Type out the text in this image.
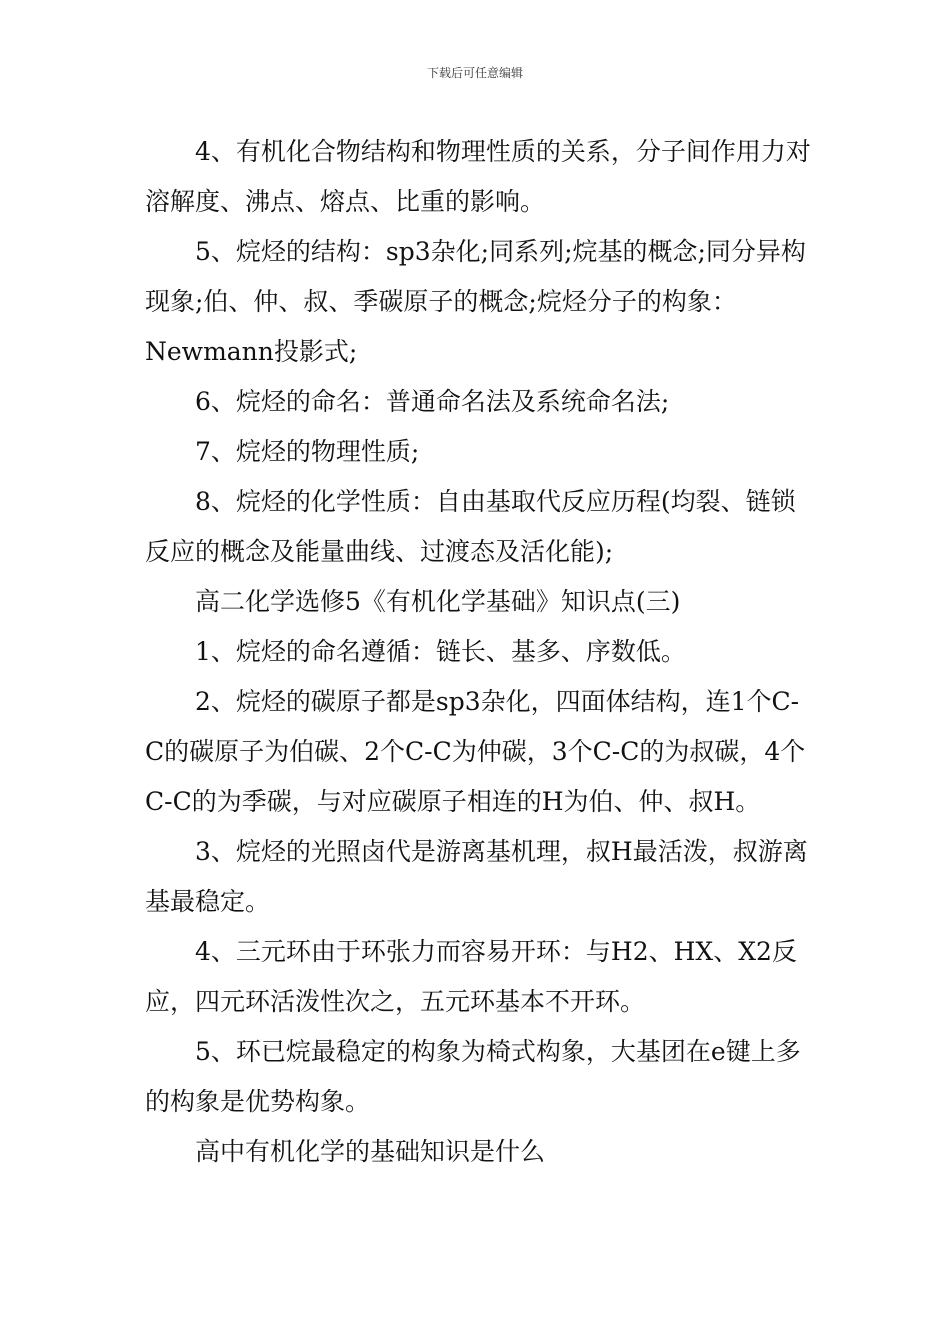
下载后可任意编辑

4、有机化合物结构和物理性质的关系，分子间作用力对溶解度、沸点、熔点、比重的影响。

5、烷烃的结构：sp3杂化;同系列;烷基的概念;同分异构现象;伯、仲、叔、季碳原子的概念;烷烃分子的构象：Newmann投影式;

6、烷烃的命名：普通命名法及系统命名法;

7、烷烃的物理性质;

8、烷烃的化学性质：自由基取代反应历程(均裂、链锁反应的概念及能量曲线、过渡态及活化能);

高二化学选修5《有机化学基础》知识点(三)

1、烷烃的命名遵循：链长、基多、序数低。

2、烷烃的碳原子都是sp3杂化，四面体结构，连1个C-C的碳原子为伯碳、2个C-C为仲碳，3个C-C的为叔碳，4个C-C的为季碳，与对应碳原子相连的H为伯、仲、叔H。

3、烷烃的光照卤代是游离基机理，叔H最活泼，叔游离基最稳定。

4、三元环由于环张力而容易开环：与H2、HX、X2反应，四元环活泼性次之，五元环基本不开环。

5、环已烷最稳定的构象为椅式构象，大基团在e键上多的构象是优势构象。

高中有机化学的基础知识是什么
